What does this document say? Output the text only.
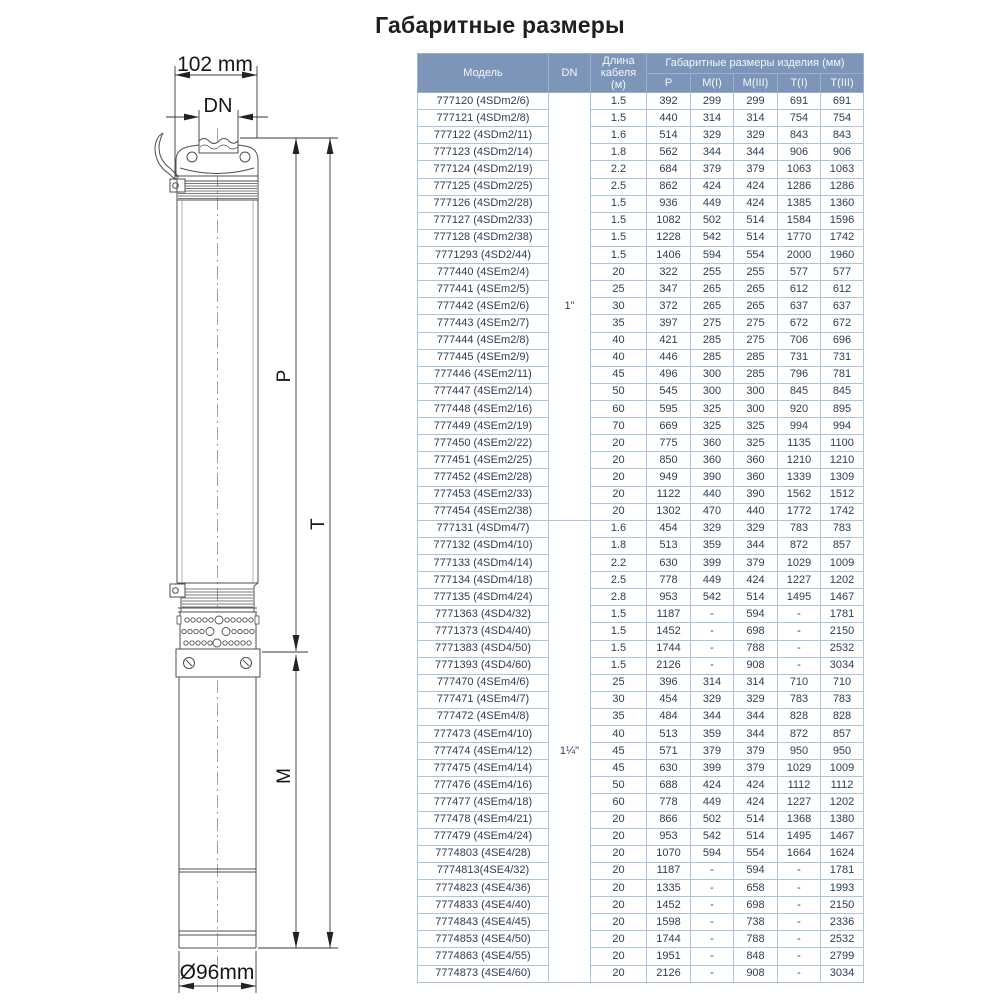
Габаритные размеры
102 mm
DN
P
M
T
Ø96mm
Модель	DN	Длина кабеля (м)	Габаритные размеры изделия (мм)				
			P	M(I)	M(III)	T(I)	T(III)
777120 (4SDm2/6)	1"	1.5	392	299	299	691	691
777121 (4SDm2/8)		1.5	440	314	314	754	754
777122 (4SDm2/11)		1.6	514	329	329	843	843
777123 (4SDm2/14)		1.8	562	344	344	906	906
777124 (4SDm2/19)		2.2	684	379	379	1063	1063
777125 (4SDm2/25)		2.5	862	424	424	1286	1286
777126 (4SDm2/28)		1.5	936	449	424	1385	1360
777127 (4SDm2/33)		1.5	1082	502	514	1584	1596
777128 (4SDm2/38)		1.5	1228	542	514	1770	1742
7771293 (4SD2/44)		1.5	1406	594	554	2000	1960
777440 (4SEm2/4)		20	322	255	255	577	577
777441 (4SEm2/5)		25	347	265	265	612	612
777442 (4SEm2/6)		30	372	265	265	637	637
777443 (4SEm2/7)		35	397	275	275	672	672
777444 (4SEm2/8)		40	421	285	275	706	696
777445 (4SEm2/9)		40	446	285	285	731	731
777446 (4SEm2/11)		45	496	300	285	796	781
777447 (4SEm2/14)		50	545	300	300	845	845
777448 (4SEm2/16)		60	595	325	300	920	895
777449 (4SEm2/19)		70	669	325	325	994	994
777450 (4SEm2/22)		20	775	360	325	1135	1100
777451 (4SEm2/25)		20	850	360	360	1210	1210
777452 (4SEm2/28)		20	949	390	360	1339	1309
777453 (4SEm2/33)		20	1122	440	390	1562	1512
777454 (4SEm2/38)		20	1302	470	440	1772	1742
777131 (4SDm4/7)	1¼"	1.6	454	329	329	783	783
777132 (4SDm4/10)		1.8	513	359	344	872	857
777133 (4SDm4/14)		2.2	630	399	379	1029	1009
777134 (4SDm4/18)		2.5	778	449	424	1227	1202
777135 (4SDm4/24)		2.8	953	542	514	1495	1467
7771363 (4SD4/32)		1.5	1187	-	594	-	1781
7771373 (4SD4/40)		1.5	1452	-	698	-	2150
7771383 (4SD4/50)		1.5	1744	-	788	-	2532
7771393 (4SD4/60)		1.5	2126	-	908	-	3034
777470 (4SEm4/6)		25	396	314	314	710	710
777471 (4SEm4/7)		30	454	329	329	783	783
777472 (4SEm4/8)		35	484	344	344	828	828
777473 (4SEm4/10)		40	513	359	344	872	857
777474 (4SEm4/12)		45	571	379	379	950	950
777475 (4SEm4/14)		45	630	399	379	1029	1009
777476 (4SEm4/16)		50	688	424	424	1112	1112
777477 (4SEm4/18)		60	778	449	424	1227	1202
777478 (4SEm4/21)		20	866	502	514	1368	1380
777479 (4SEm4/24)		20	953	542	514	1495	1467
7774803 (4SE4/28)		20	1070	594	554	1664	1624
7774813(4SE4/32)		20	1187	-	594	-	1781
7774823 (4SE4/36)		20	1335	-	658	-	1993
7774833 (4SE4/40)		20	1452	-	698	-	2150
7774843 (4SE4/45)		20	1598	-	738	-	2336
7774853 (4SE4/50)		20	1744	-	788	-	2532
7774863 (4SE4/55)		20	1951	-	848	-	2799
7774873 (4SE4/60)		20	2126	-	908	-	3034
